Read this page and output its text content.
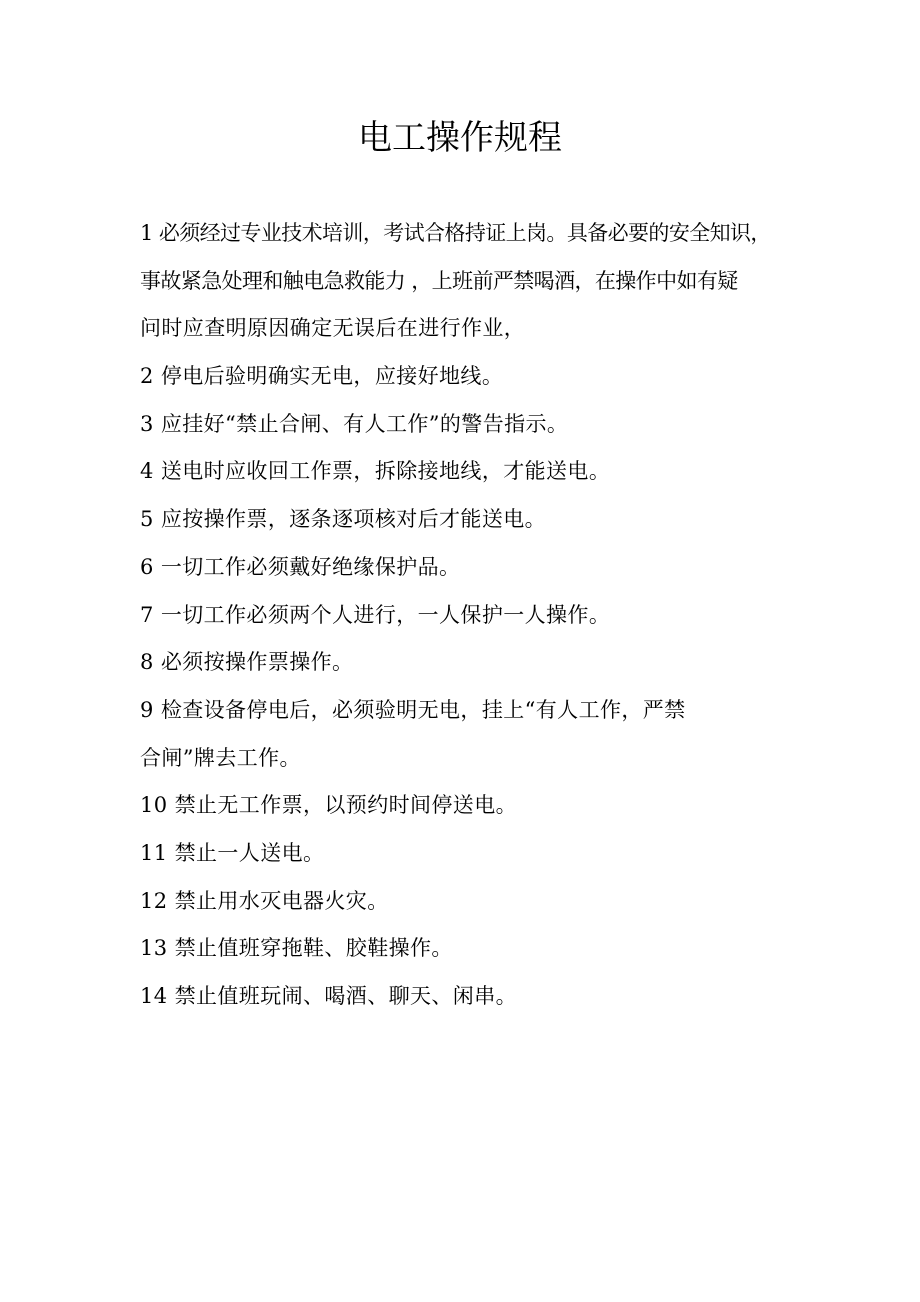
电工操作规程
1 必须经过专业技术培训，考试合格持证上岗。具备必要的安全知识，
事故紧急处理和触电急救能力 ，上班前严禁喝酒，在操作中如有疑
问时应查明原因确定无误后在进行作业，
2 停电后验明确实无电，应接好地线。
3 应挂好“禁止合闸、有人工作”的警告指示。
4 送电时应收回工作票，拆除接地线，才能送电。
5 应按操作票，逐条逐项核对后才能送电。
6 一切工作必须戴好绝缘保护品。
7 一切工作必须两个人进行，一人保护一人操作。
8 必须按操作票操作。
9 检查设备停电后，必须验明无电，挂上“有人工作，严禁
合闸”牌去工作。
10 禁止无工作票，以预约时间停送电。
11 禁止一人送电。
12 禁止用水灭电器火灾。
13 禁止值班穿拖鞋、胶鞋操作。
14 禁止值班玩闹、喝酒、聊天、闲串。
